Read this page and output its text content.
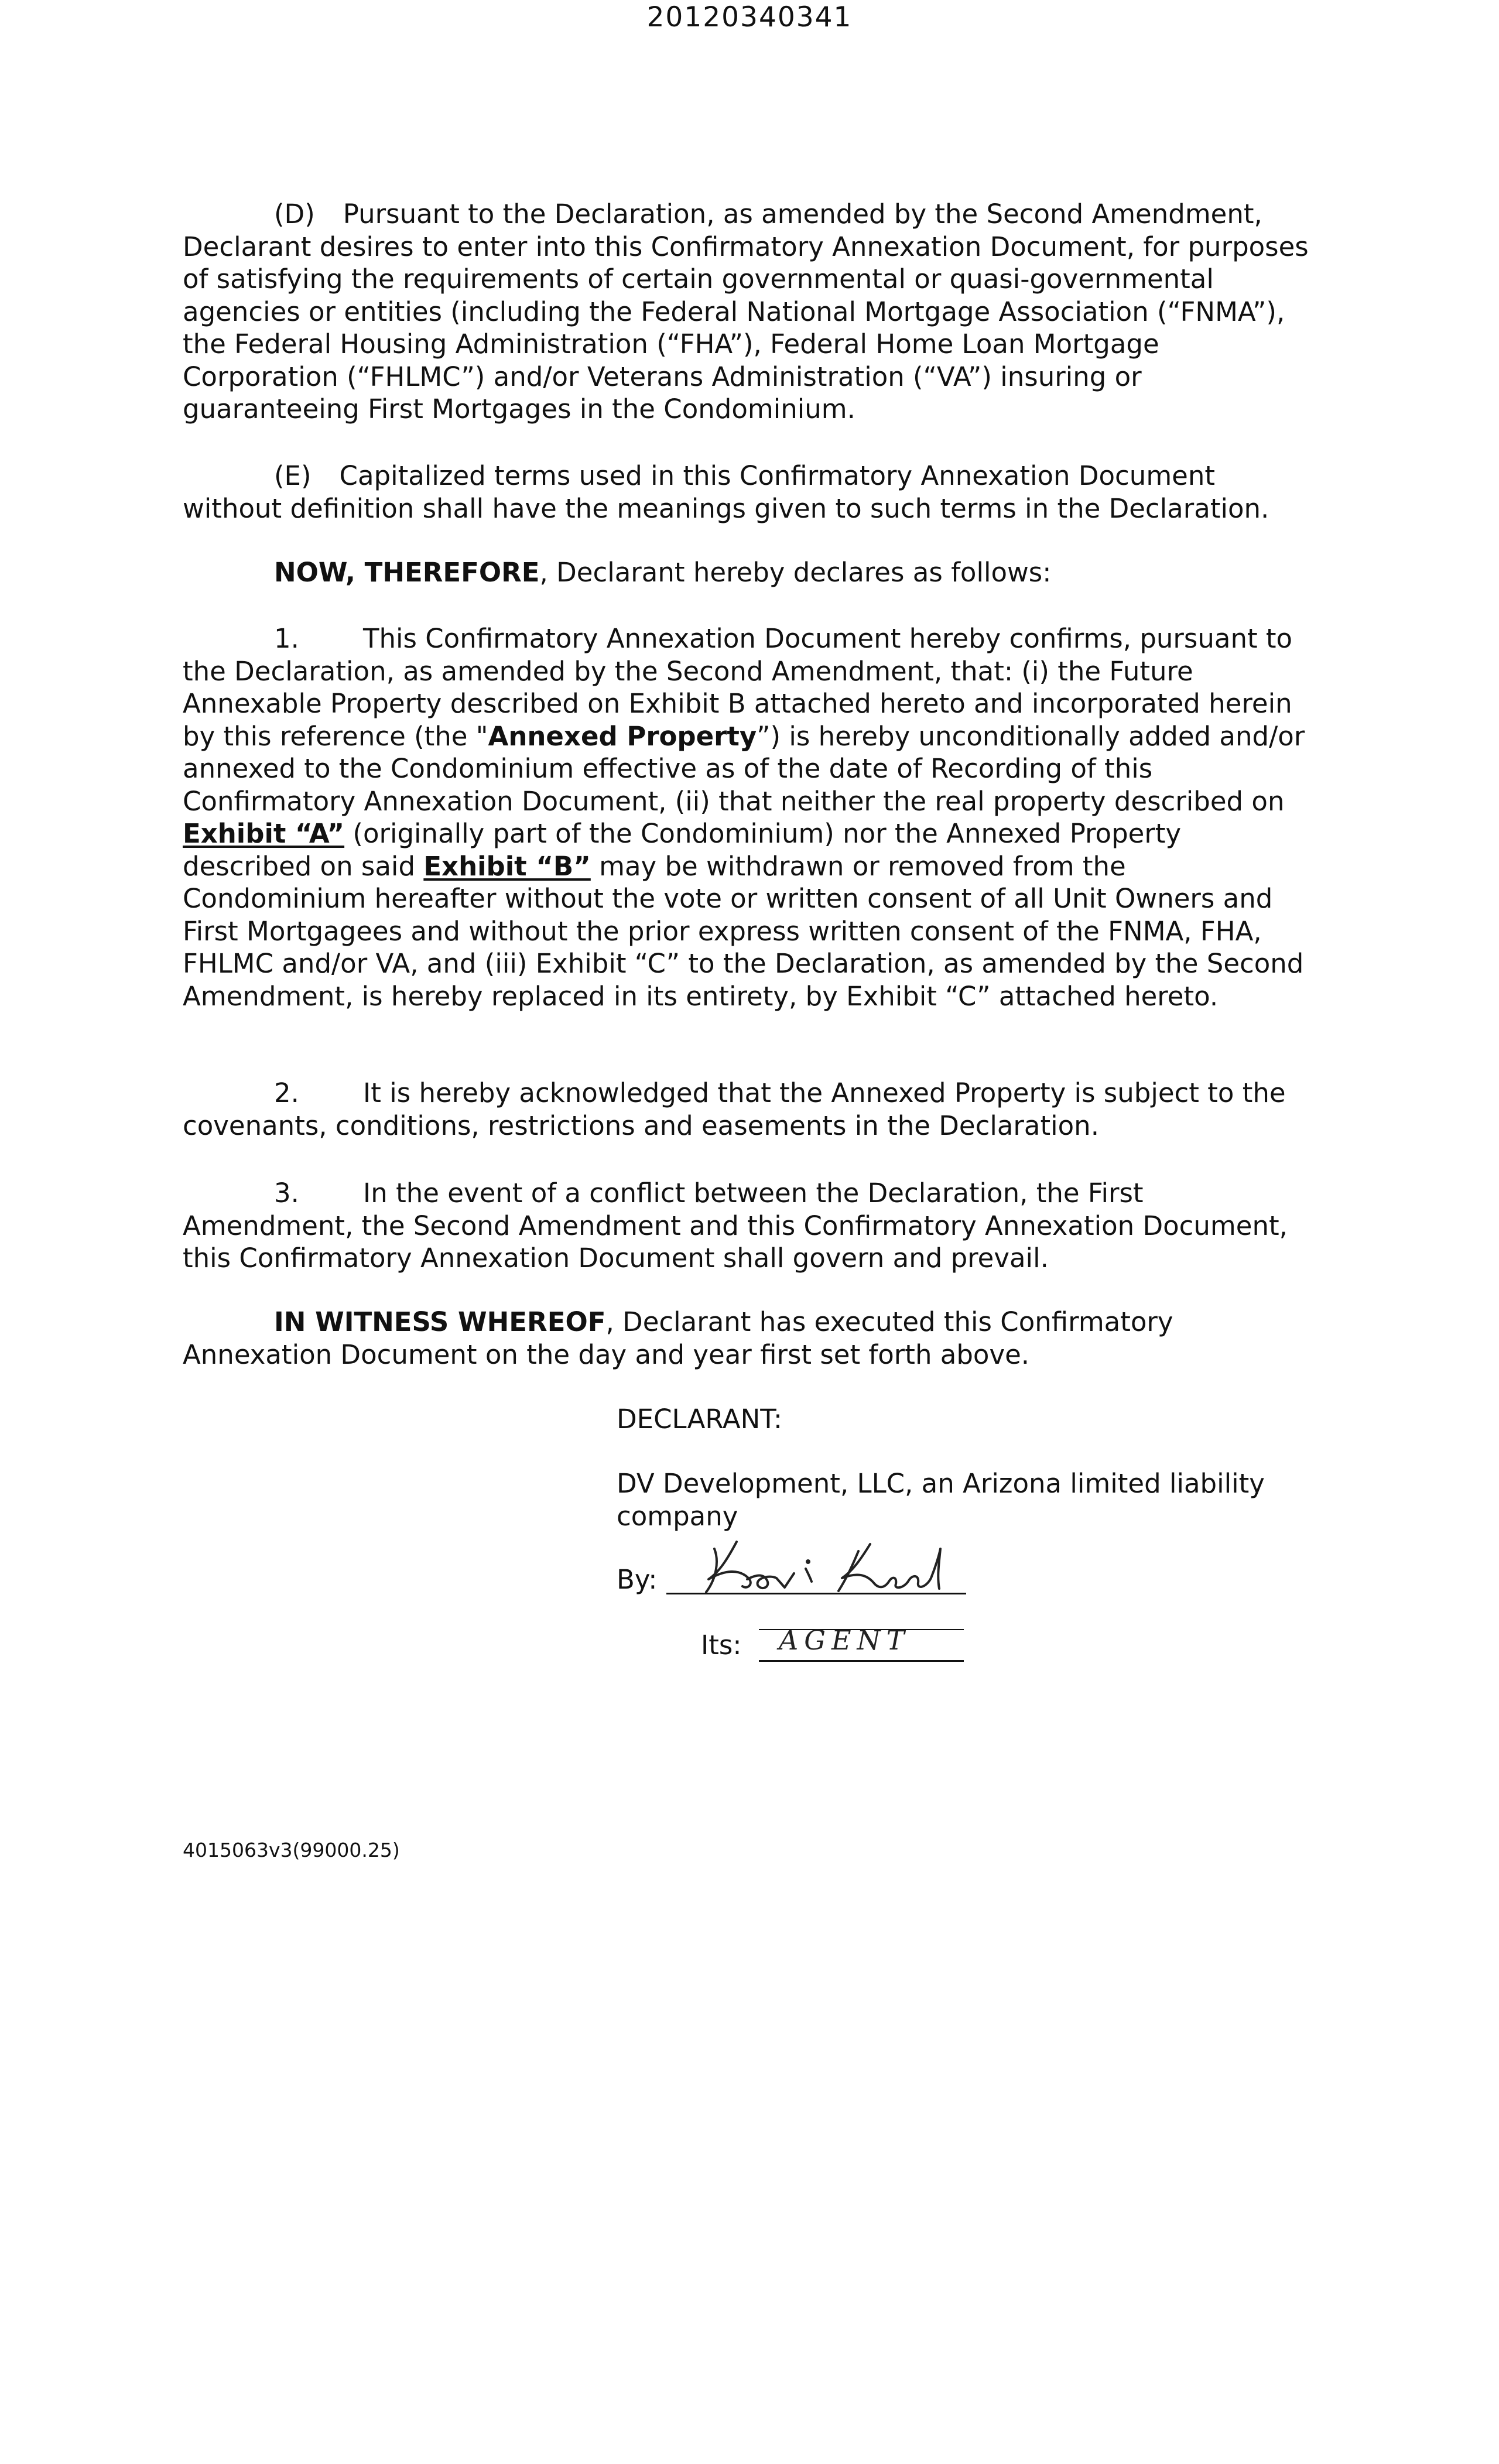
20120340341

(D) Pursuant to the Declaration, as amended by the Second Amendment, Declarant desires to enter into this Confirmatory Annexation Document, for purposes of satisfying the requirements of certain governmental or quasi-governmental agencies or entities (including the Federal National Mortgage Association (“FNMA”), the Federal Housing Administration (“FHA”), Federal Home Loan Mortgage Corporation (“FHLMC”) and/or Veterans Administration (“VA”) insuring or guaranteeing First Mortgages in the Condominium.

(E) Capitalized terms used in this Confirmatory Annexation Document without definition shall have the meanings given to such terms in the Declaration.

NOW, THEREFORE, Declarant hereby declares as follows:

1. This Confirmatory Annexation Document hereby confirms, pursuant to the Declaration, as amended by the Second Amendment, that: (i) the Future Annexable Property described on Exhibit B attached hereto and incorporated herein by this reference (the "Annexed Property”) is hereby unconditionally added and/or annexed to the Condominium effective as of the date of Recording of this Confirmatory Annexation Document, (ii) that neither the real property described on Exhibit “A” (originally part of the Condominium) nor the Annexed Property described on said Exhibit “B” may be withdrawn or removed from the Condominium hereafter without the vote or written consent of all Unit Owners and First Mortgagees and without the prior express written consent of the FNMA, FHA, FHLMC and/or VA, and (iii) Exhibit “C” to the Declaration, as amended by the Second Amendment, is hereby replaced in its entirety, by Exhibit “C” attached hereto.

2. It is hereby acknowledged that the Annexed Property is subject to the covenants, conditions, restrictions and easements in the Declaration.

3. In the event of a conflict between the Declaration, the First Amendment, the Second Amendment and this Confirmatory Annexation Document, this Confirmatory Annexation Document shall govern and prevail.

IN WITNESS WHEREOF, Declarant has executed this Confirmatory Annexation Document on the day and year first set forth above.

DECLARANT:
DV Development, LLC, an Arizona limited liability company
By:
Its:	AGENT
4015063v3(99000.25)
